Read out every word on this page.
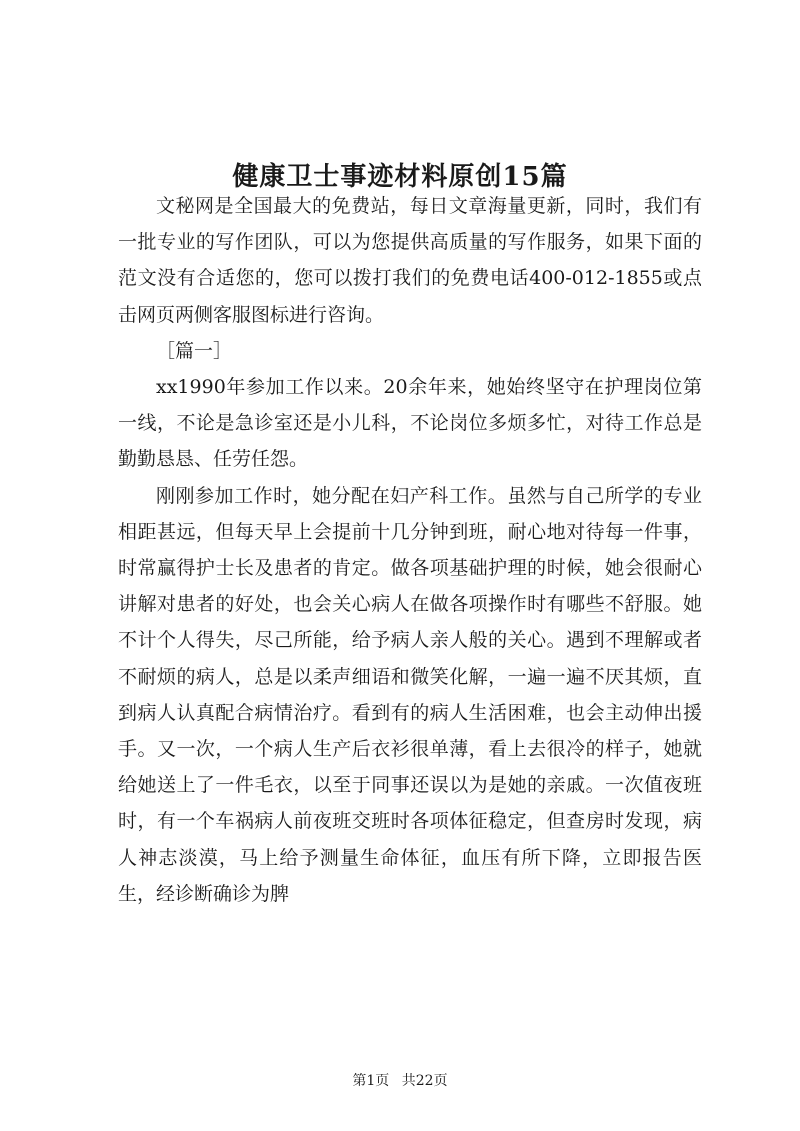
健康卫士事迹材料原创15篇

文秘网是全国最大的免费站，每日文章海量更新，同时，我们有一批专业的写作团队，可以为您提供高质量的写作服务，如果下面的范文没有合适您的，您可以拨打我们的免费电话400-012-1855或点击网页两侧客服图标进行咨询。

［篇一］

xx1990年参加工作以来。20余年来，她始终坚守在护理岗位第一线，不论是急诊室还是小儿科，不论岗位多烦多忙，对待工作总是勤勤恳恳、任劳任怨。

刚刚参加工作时，她分配在妇产科工作。虽然与自己所学的专业相距甚远，但每天早上会提前十几分钟到班，耐心地对待每一件事，时常赢得护士长及患者的肯定。做各项基础护理的时候，她会很耐心讲解对患者的好处，也会关心病人在做各项操作时有哪些不舒服。她不计个人得失，尽己所能，给予病人亲人般的关心。遇到不理解或者不耐烦的病人，总是以柔声细语和微笑化解，一遍一遍不厌其烦，直到病人认真配合病情治疗。看到有的病人生活困难，也会主动伸出援手。又一次，一个病人生产后衣衫很单薄，看上去很冷的样子，她就给她送上了一件毛衣，以至于同事还误以为是她的亲戚。一次值夜班时，有一个车祸病人前夜班交班时各项体征稳定，但查房时发现，病人神志淡漠，马上给予测量生命体征，血压有所下降，立即报告医生，经诊断确诊为脾

第1页 共22页
